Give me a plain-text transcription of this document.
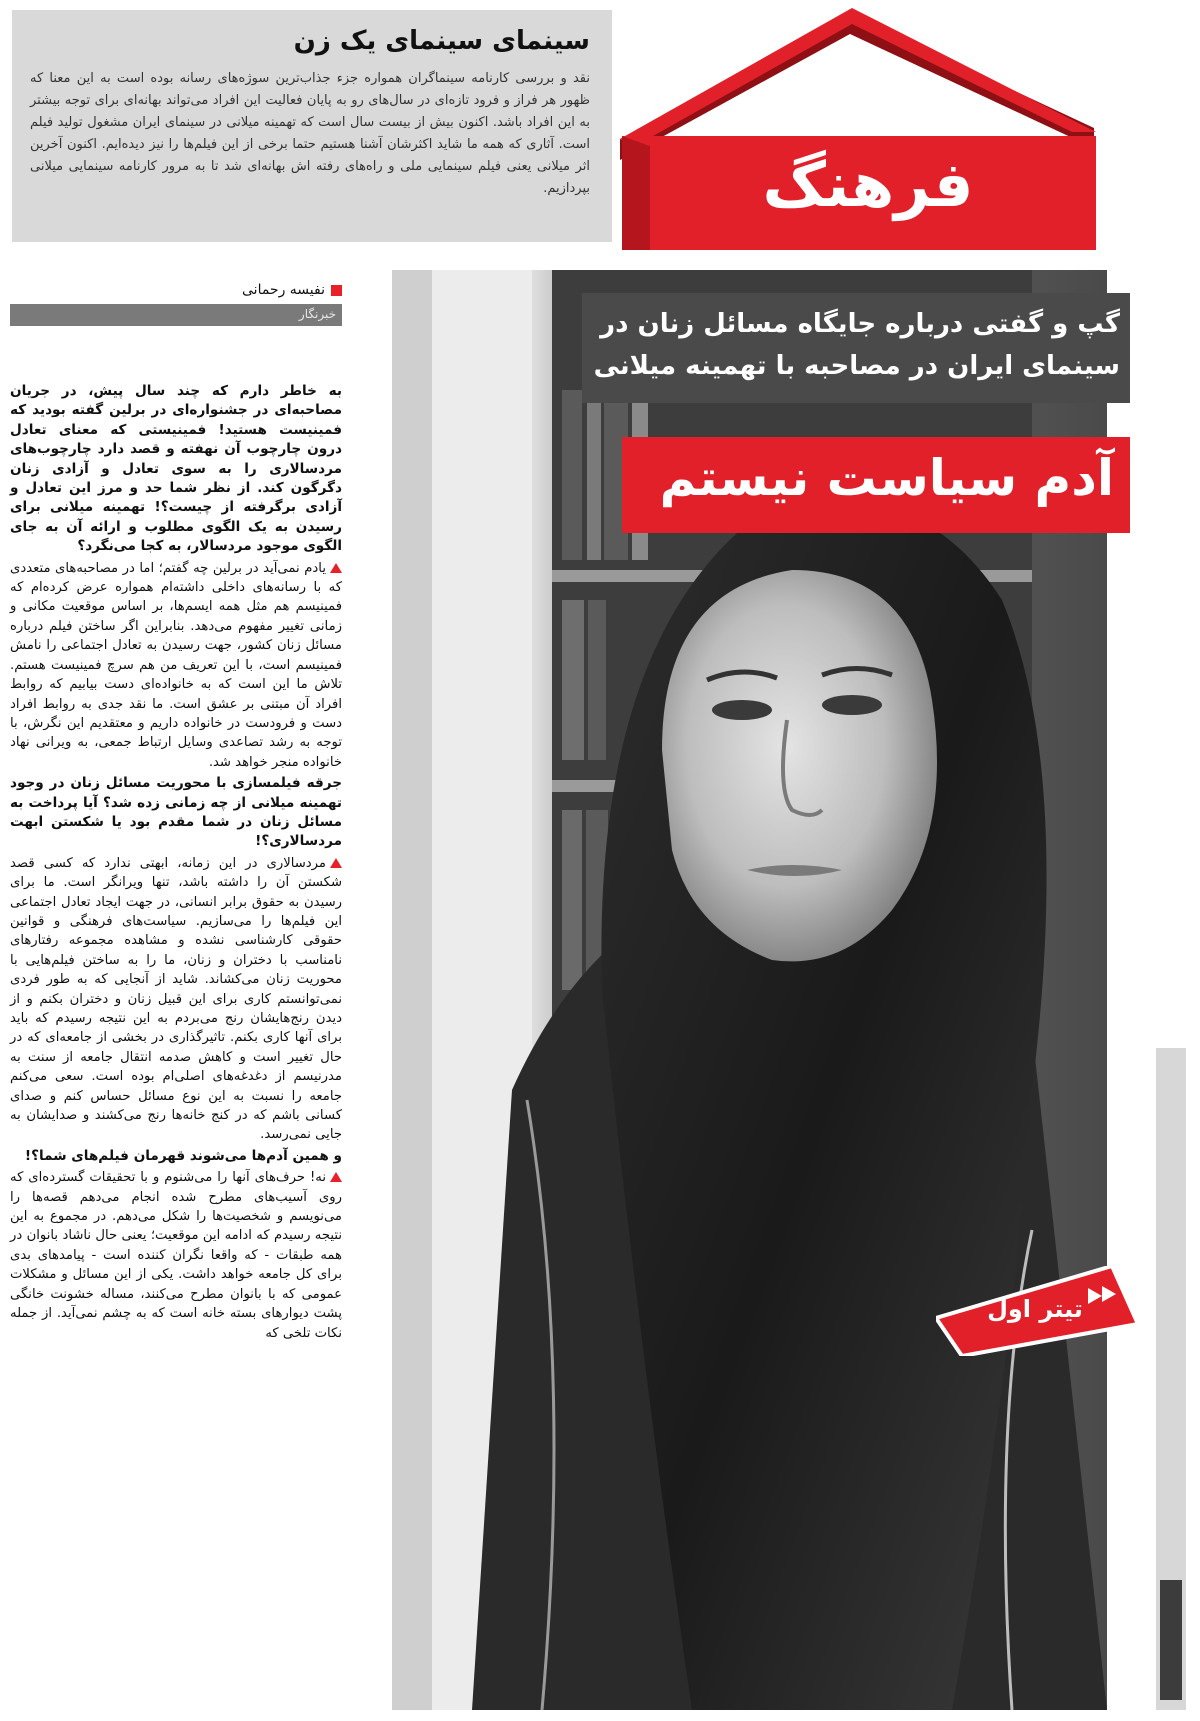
سینمای سینمای یک زن
نقد و بررسی کارنامه سینماگران همواره جزء جذاب‌ترین سوژه‌های رسانه بوده است به این معنا که ظهور هر فراز و فرود تازه‌ای در سال‌های رو به پایان فعالیت این افراد می‌تواند بهانه‌ای برای توجه بیشتر به این افراد باشد. اکنون بیش از بیست سال است که تهمینه میلانی در سینمای ایران مشغول تولید فیلم است. آثاری که همه ما شاید اکثرشان آشنا هستیم حتما برخی از این فیلم‌ها را نیز دیده‌ایم. اکنون آخرین اثر میلانی یعنی فیلم سینمایی ملی و راه‌های رفته اش بهانه‌ای شد تا به مرور کارنامه سینمایی میلانی بپردازیم.	فرهنگ
نفیسه رحمانی
خبرنگار

به خاطر دارم که چند سال پیش، در جریان مصاحبه‌ای در جشنواره‌ای در برلین گفته بودید که فمینیست هستید! فمینیستی که معنای تعادل درون چارچوب آن نهفته و قصد دارد چارچوب‌های مردسالاری را به سوی تعادل و آزادی زنان دگرگون کند. از نظر شما حد و مرز این تعادل و آزادی برگرفته از چیست؟! تهمینه میلانی برای رسیدن به یک الگوی مطلوب و ارائه آن به جای الگوی موجود مردسالار، به کجا می‌نگرد؟

یادم نمی‌آید در برلین چه گفتم؛ اما در مصاحبه‌های متعددی که با رسانه‌های داخلی داشته‌ام همواره عرض کرده‌ام که فمینیسم هم مثل همه ایسم‌ها، بر اساس موقعیت مکانی و زمانی تغییر مفهوم می‌دهد. بنابراین اگر ساختن فیلم درباره مسائل زنان کشور، جهت رسیدن به تعادل اجتماعی را نامش فمینیسم است، با این تعریف من هم سرچ فمینیست هستم. تلاش ما این است که به خانواده‌ای دست بیابیم که روابط افراد آن مبتنی بر عشق است. ما نقد جدی به روابط افراد دست و فرودست در خانواده داریم و معتقدیم این نگرش، با توجه به رشد تصاعدی وسایل ارتباط جمعی، به ویرانی نهاد خانواده منجر خواهد شد.

جرقه فیلمسازی با محوریت مسائل زنان در وجود تهمینه میلانی از چه زمانی زده شد؟ آیا پرداخت به مسائل زنان در شما مقدم بود یا شکستن ابهت مردسالاری؟!

مردسالاری در این زمانه، ابهتی ندارد که کسی قصد شکستن آن را داشته باشد، تنها ویرانگر است. ما برای رسیدن به حقوق برابر انسانی، در جهت ایجاد تعادل اجتماعی این فیلم‌ها را می‌سازیم. سیاست‌های فرهنگی و قوانین حقوقی کارشناسی نشده و مشاهده مجموعه رفتارهای نامناسب با دختران و زنان، ما را به ساختن فیلم‌هایی با محوریت زنان می‌کشاند. شاید از آنجایی که به طور فردی نمی‌توانستم کاری برای این قبیل زنان و دختران بکنم و از دیدن رنج‌هایشان رنج می‌بردم به این نتیجه رسیدم که باید برای آنها کاری بکنم. تاثیرگذاری در بخشی از جامعه‌ای که در حال تغییر است و کاهش صدمه انتقال جامعه از سنت به مدرنیسم از دغدغه‌های اصلی‌ام بوده است. سعی می‌کنم جامعه را نسبت به این نوع مسائل حساس کنم و صدای کسانی باشم که در کنج خانه‌ها رنج می‌کشند و صدایشان به جایی نمی‌رسد.

و همین آدم‌ها می‌شوند قهرمان فیلم‌های شما؟!

نه! حرف‌های آنها را می‌شنوم و با تحقیقات گسترده‌ای که روی آسیب‌های مطرح شده انجام می‌دهم قصه‌ها را می‌نویسم و شخصیت‌ها را شکل می‌دهم. در مجموع به این نتیجه رسیدم که ادامه این موقعیت؛ یعنی حال ناشاد بانوان در همه طبقات - که واقعا نگران کننده است - پیامدهای بدی برای کل جامعه خواهد داشت. یکی از این مسائل و مشکلات عمومی که با بانوان مطرح می‌کنند، مساله خشونت خانگی پشت دیوارهای بسته خانه است که به چشم نمی‌آید. از جمله نکات تلخی که

گپ و گفتی درباره جایگاه مسائل زنان در سینمای ایران در مصاحبه با تهمینه میلانی
آدم سیاست نیستم
تیتر اول
